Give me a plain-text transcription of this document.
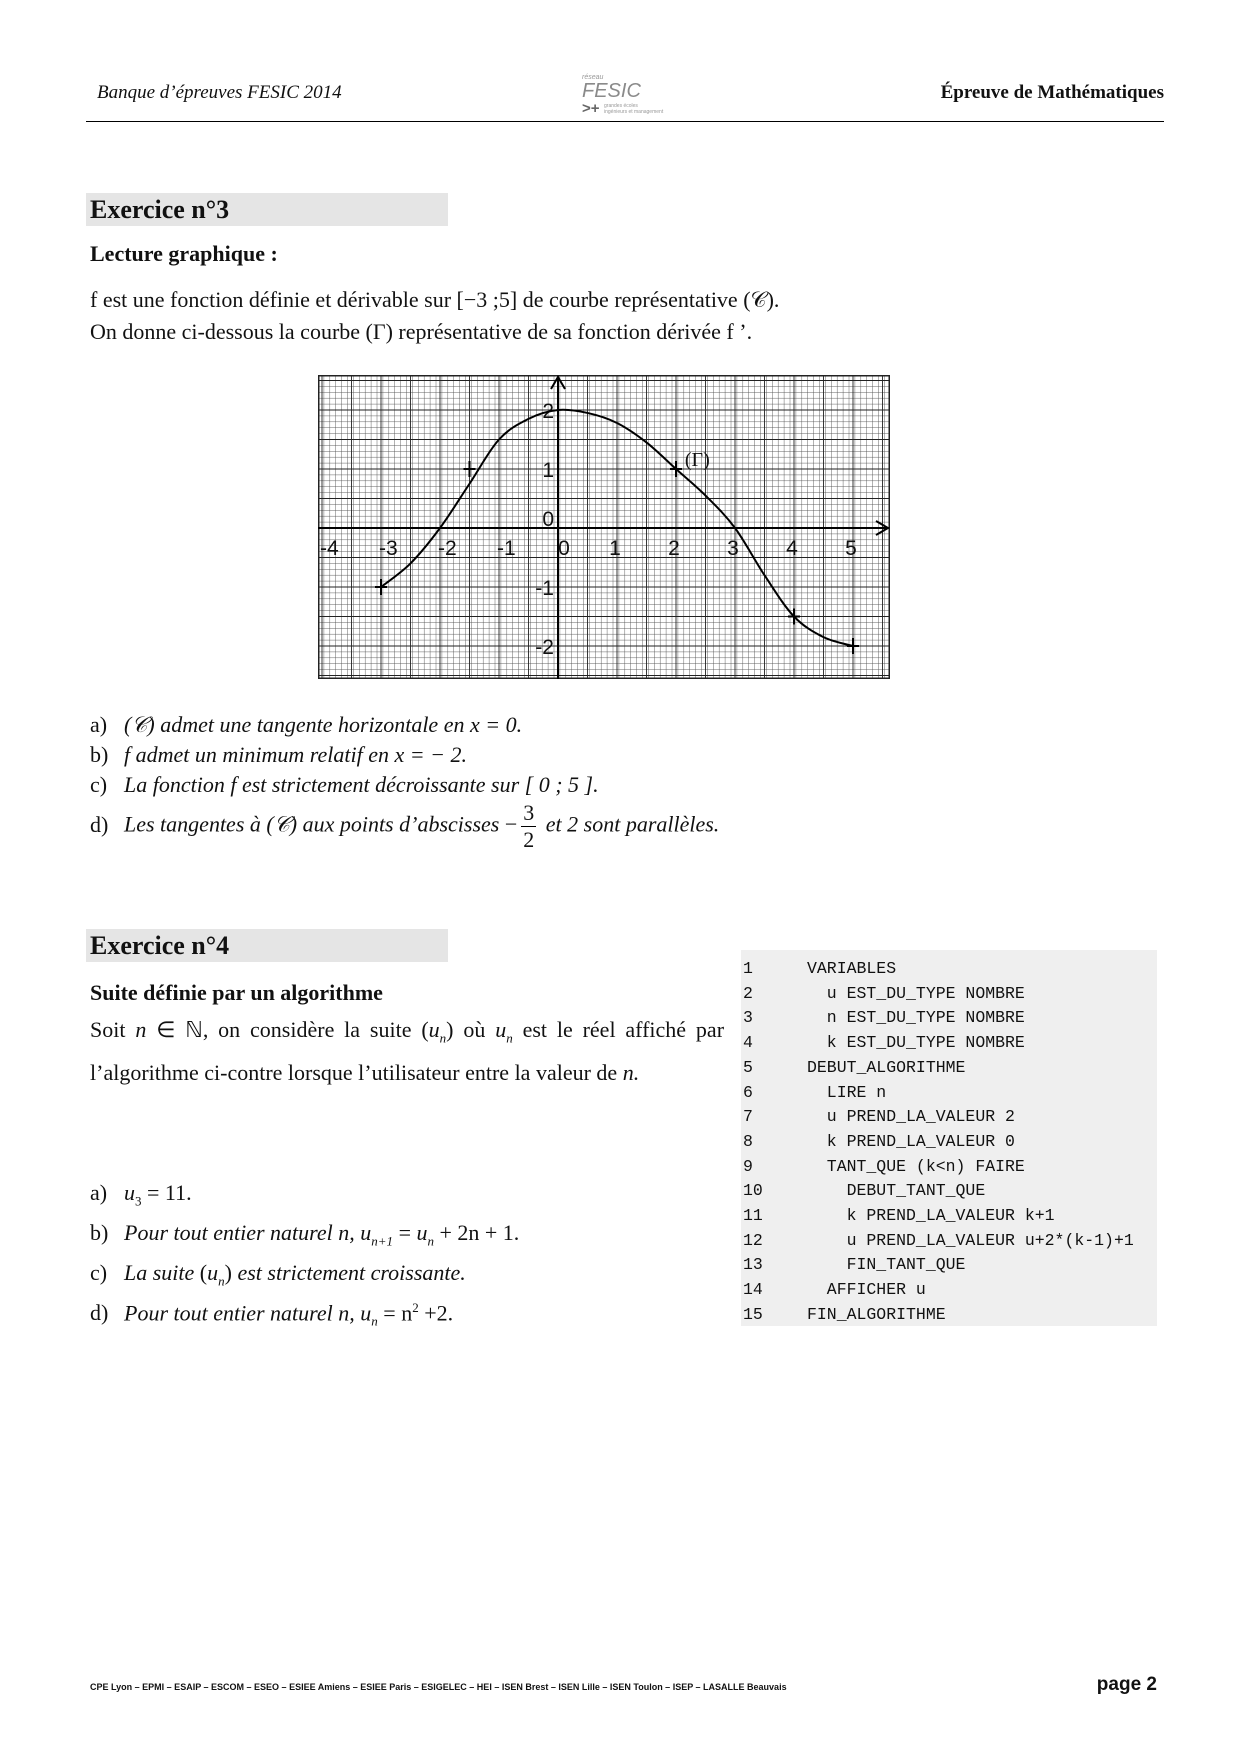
Banque d’épreuves FESIC 2014
réseau
FESIC
>+ grandes écoles
ingénieurs et management
Épreuve de Mathématiques
Exercice n°3
Lecture graphique :
f est une fonction définie et dérivable sur [−3 ;5] de courbe représentative (𝒞).
On donne ci-dessous la courbe (Γ) représentative de sa fonction dérivée f ’.
-4 -3 -2 -1 0 1 2 3 4 5
2
1
0
-1
-2
(Γ)
a) (𝒞) admet une tangente horizontale en x = 0.
b) f admet un minimum relatif en x = − 2.
c) La fonction f est strictement décroissante sur [ 0 ; 5 ].
d) Les tangentes à (𝒞) aux points d’abscisses − $\frac{3}{2}$ et 2 sont parallèles.
Exercice n°4
Suite définie par un algorithme
Soit n ∈ ℕ, on considère la suite $(u_n)$ où $u_n$ est le réel affiché par l’algorithme ci-contre lorsque l’utilisateur entre la valeur de n.
a) $u_3 = 11$.
b) Pour tout entier naturel n, $u_{n+1} = u_n + 2n + 1$.
c) La suite $(u_n)$ est strictement croissante.
d) Pour tout entier naturel n, $u_n = n^2 +2$.
1	VARIABLES
2	u EST_DU_TYPE NOMBRE
3	n EST_DU_TYPE NOMBRE
4	k EST_DU_TYPE NOMBRE
5	DEBUT_ALGORITHME
6	LIRE n
7	u PREND_LA_VALEUR 2
8	k PREND_LA_VALEUR 0
9	TANT_QUE (k<n) FAIRE
10	DEBUT_TANT_QUE
11	k PREND_LA_VALEUR k+1
12	u PREND_LA_VALEUR u+2*(k-1)+1
13	FIN_TANT_QUE
14	AFFICHER u
15	FIN_ALGORITHME
CPE Lyon – EPMI – ESAIP – ESCOM – ESEO – ESIEE Amiens – ESIEE Paris – ESIGELEC – HEI – ISEN Brest – ISEN Lille – ISEN Toulon – ISEP – LASALLE Beauvais	page 2
